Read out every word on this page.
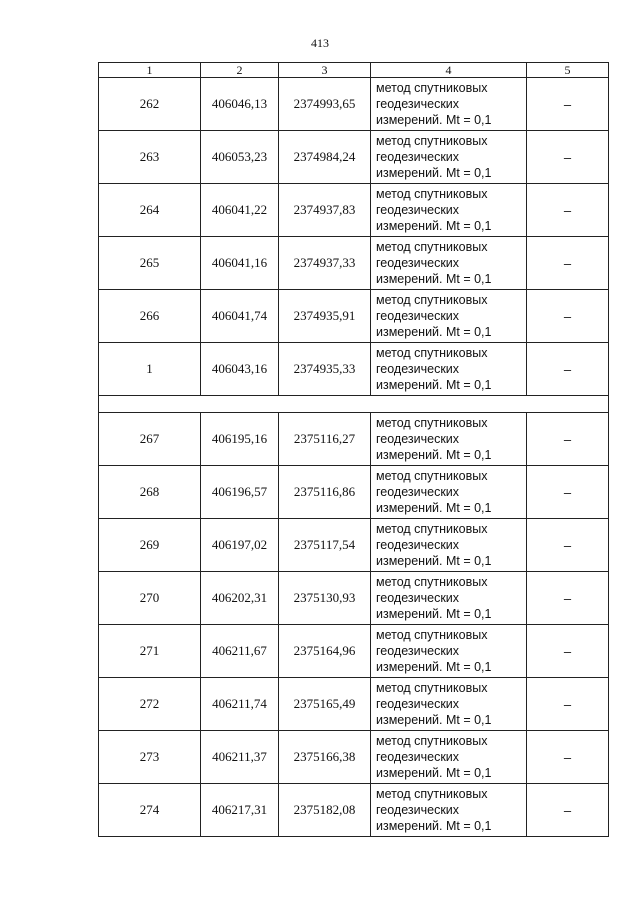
413
1	2	3	4	5
262	406046,13	2374993,65	метод спутниковых
геодезических
измерений. Mt = 0,1	–
263	406053,23	2374984,24	метод спутниковых
геодезических
измерений. Mt = 0,1	–
264	406041,22	2374937,83	метод спутниковых
геодезических
измерений. Mt = 0,1	–
265	406041,16	2374937,33	метод спутниковых
геодезических
измерений. Mt = 0,1	–
266	406041,74	2374935,91	метод спутниковых
геодезических
измерений. Mt = 0,1	–
1	406043,16	2374935,33	метод спутниковых
геодезических
измерений. Mt = 0,1	–

267	406195,16	2375116,27	метод спутниковых
геодезических
измерений. Mt = 0,1	–
268	406196,57	2375116,86	метод спутниковых
геодезических
измерений. Mt = 0,1	–
269	406197,02	2375117,54	метод спутниковых
геодезических
измерений. Mt = 0,1	–
270	406202,31	2375130,93	метод спутниковых
геодезических
измерений. Mt = 0,1	–
271	406211,67	2375164,96	метод спутниковых
геодезических
измерений. Mt = 0,1	–
272	406211,74	2375165,49	метод спутниковых
геодезических
измерений. Mt = 0,1	–
273	406211,37	2375166,38	метод спутниковых
геодезических
измерений. Mt = 0,1	–
274	406217,31	2375182,08	метод спутниковых
геодезических
измерений. Mt = 0,1	–
